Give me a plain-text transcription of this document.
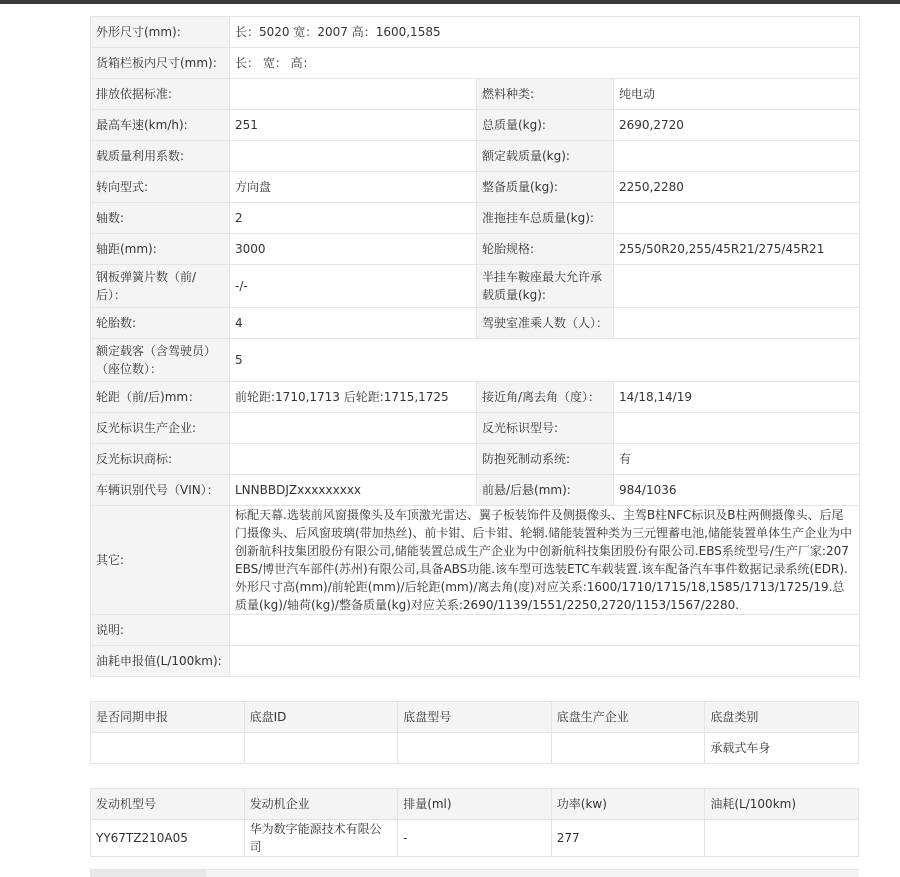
外形尺寸(mm):	长：5020 宽：2007 高：1600,1585		
货箱栏板内尺寸(mm):	长： 宽： 高：		
排放依据标准:		燃料种类:	纯电动
最高车速(km/h):	251	总质量(kg):	2690,2720
载质量利用系数:		额定载质量(kg):	
转向型式:	方向盘	整备质量(kg):	2250,2280
轴数:	2	准拖挂车总质量(kg):	
轴距(mm):	3000	轮胎规格:	255/50R20,255/45R21/275/45R21
钢板弹簧片数（前/后）：	-/-	半挂车鞍座最大允许承载质量(kg):	
轮胎数:	4	驾驶室准乘人数（人）：	
额定载客（含驾驶员）（座位数）：	5		
轮距（前/后)mm：	前轮距:1710,1713 后轮距:1715,1725	接近角/离去角（度）：	14/18,14/19
反光标识生产企业:		反光标识型号:	
反光标识商标:		防抱死制动系统:	有
车辆识别代号（VIN）：	LNNBBDJZxxxxxxxxx	前悬/后悬(mm):	984/1036
其它:	标配天幕.选装前风窗摄像头及车顶激光雷达、翼子板装饰件及侧摄像头、主驾B柱NFC标识及B柱两侧摄像头、后尾门摄像头、后风窗玻璃(带加热丝)、前卡钳、后卡钳、轮辋.储能装置种类为三元锂蓄电池,储能装置单体生产企业为中创新航科技集团股份有限公司,储能装置总成生产企业为中创新航科技集团股份有限公司.EBS系统型号/生产厂家:207EBS/博世汽车部件(苏州)有限公司,具备ABS功能.该车型可选装ETC车载装置.该车配备汽车事件数据记录系统(EDR).外形尺寸高(mm)/前轮距(mm)/后轮距(mm)/离去角(度)对应关系:1600/1710/1715/18,1585/1713/1725/19.总质量(kg)/轴荷(kg)/整备质量(kg)对应关系:2690/1139/1551/2250,2720/1153/1567/2280.		
说明:			
油耗申报值(L/100km):			
是否同期申报	底盘ID	底盘型号	底盘生产企业	底盘类别
				承载式车身
发动机型号	发动机企业	排量(ml)	功率(kw)	油耗(L/100km)
YY67TZ210A05	华为数字能源技术有限公司	-	277	
